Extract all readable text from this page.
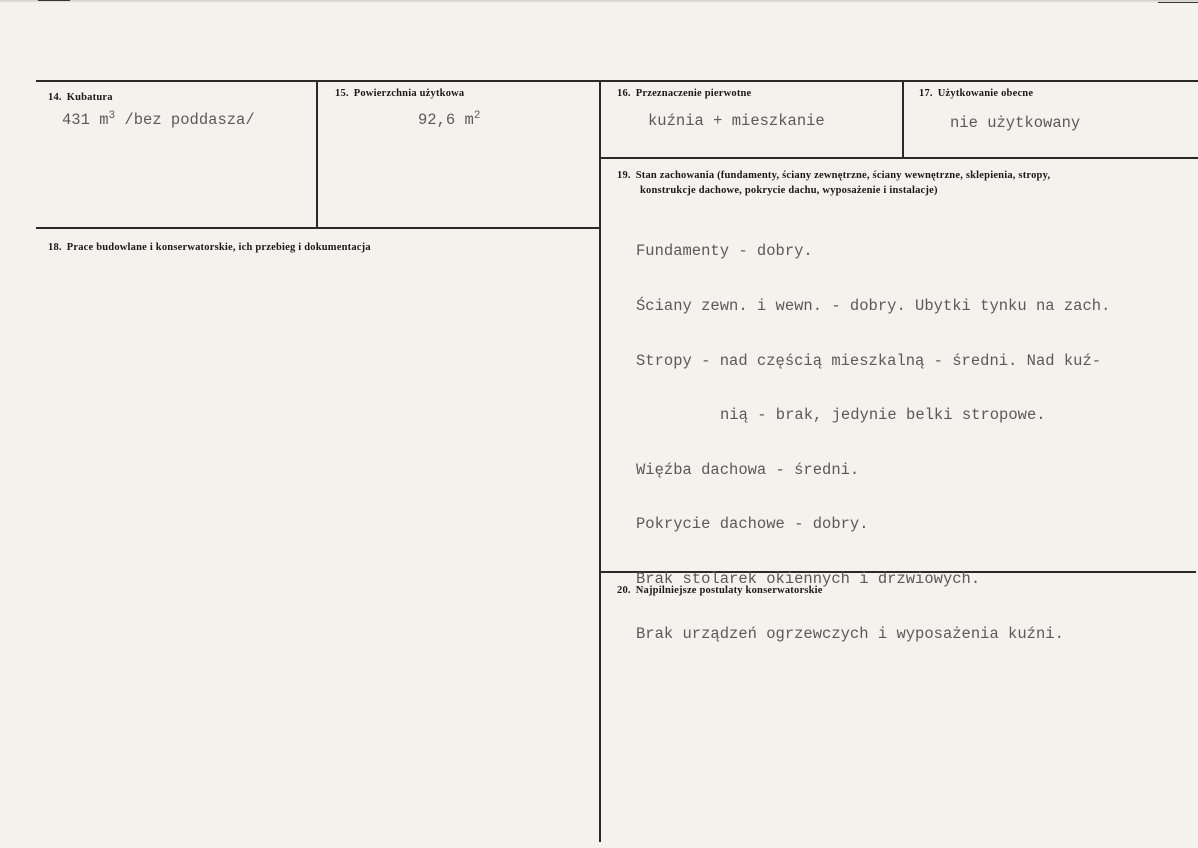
14. Kubatura
431 $m^3$ /bez poddasza/
15. Powierzchnia użytkowa
92,6 $m^2$
16. Przeznaczenie pierwotne
kuźnia + mieszkanie
17. Użytkowanie obecne
nie użytkowany
18. Prace budowlane i konserwatorskie, ich przebieg i dokumentacja
19. Stan zachowania (fundamenty, ściany zewnętrzne, ściany wewnętrzne, sklepienia, stropy,
konstrukcje dachowe, pokrycie dachu, wyposażenie i instalacje)

Fundamenty - dobry.

Ściany zewn. i wewn. - dobry. Ubytki tynku na zach.

Stropy - nad częścią mieszkalną - średni. Nad kuź-

nią - brak, jedynie belki stropowe.

Więźba dachowa - średni.

Pokrycie dachowe - dobry.

Brak stolarek okiennych i drzwiowych.

Brak urządzeń ogrzewczych i wyposażenia kuźni.

20. Najpilniejsze postulaty konserwatorskie
